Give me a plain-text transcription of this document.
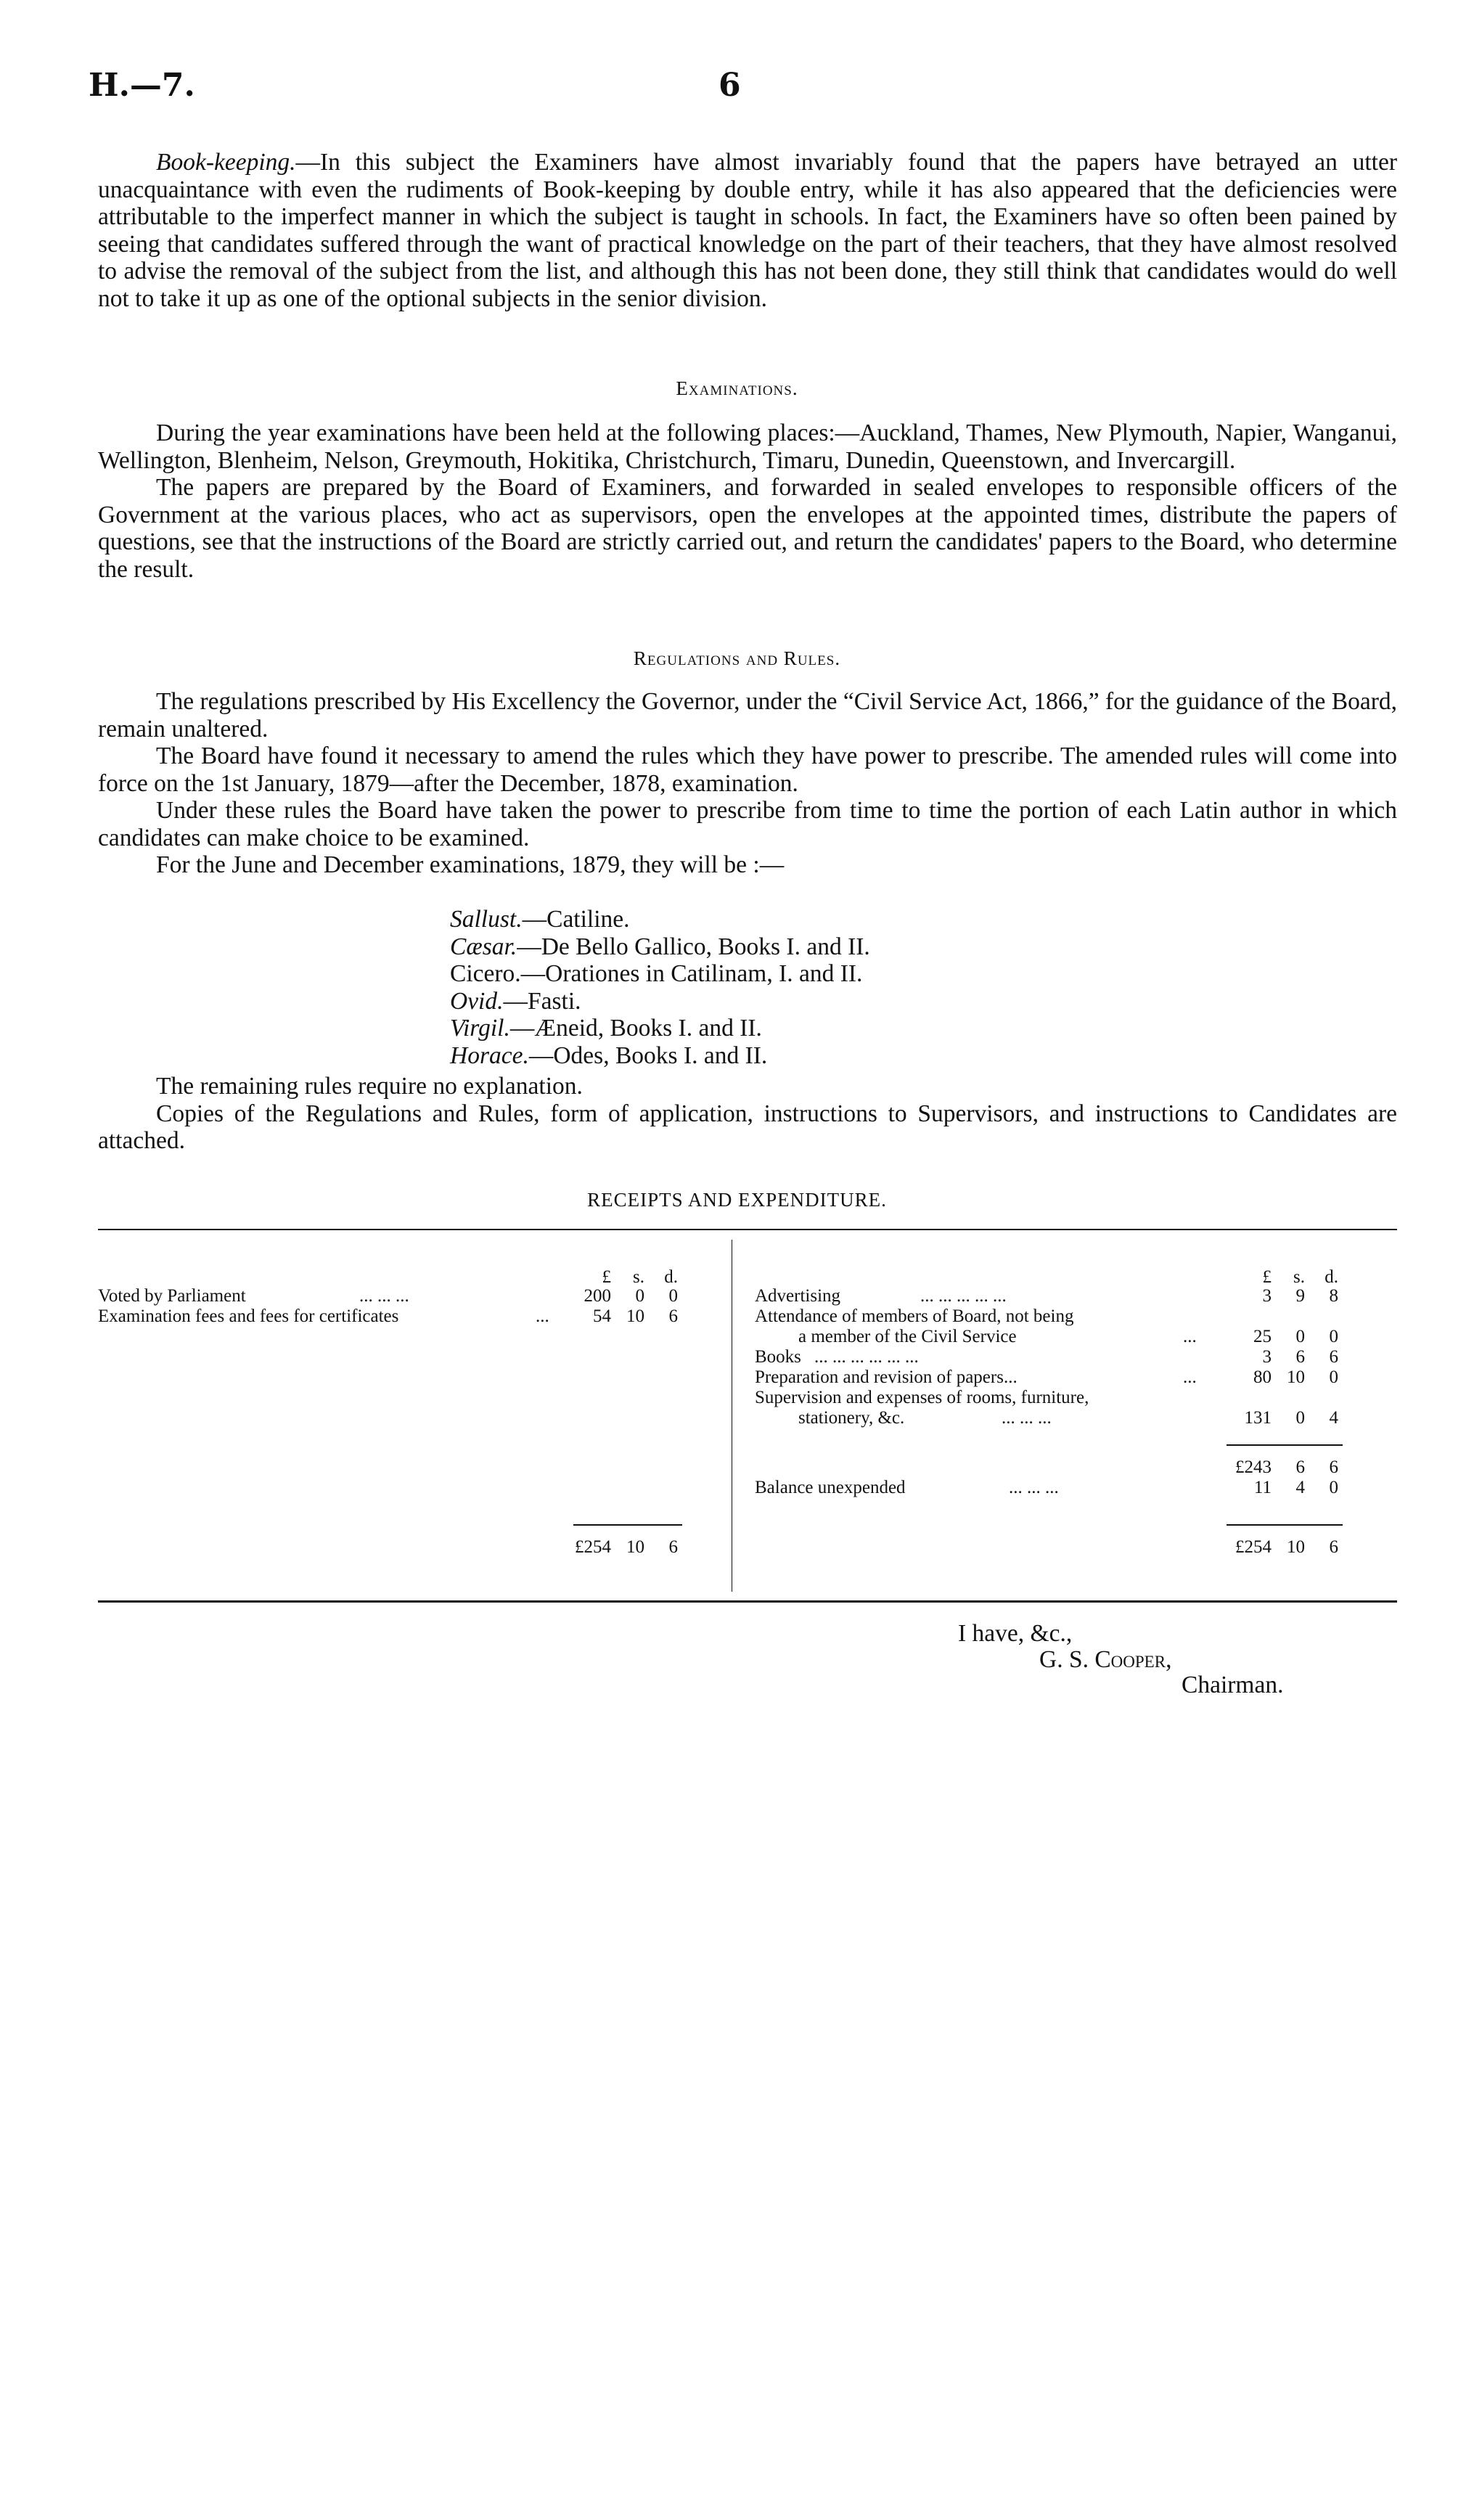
H.—7.	6

Book-keeping.—In this subject the Examiners have almost invariably found that the papers have betrayed an utter unacquaintance with even the rudiments of Book-keeping by double entry, while it has also appeared that the deficiencies were attributable to the imperfect manner in which the subject is taught in schools. In fact, the Examiners have so often been pained by seeing that candidates suffered through the want of practical knowledge on the part of their teachers, that they have almost resolved to advise the removal of the subject from the list, and although this has not been done, they still think that candidates would do well not to take it up as one of the optional subjects in the senior division.

Examinations.

During the year examinations have been held at the following places:—Auckland, Thames, New Plymouth, Napier, Wanganui, Wellington, Blenheim, Nelson, Greymouth, Hokitika, Christchurch, Timaru, Dunedin, Queenstown, and Invercargill.

The papers are prepared by the Board of Examiners, and forwarded in sealed envelopes to responsible officers of the Government at the various places, who act as supervisors, open the envelopes at the appointed times, distribute the papers of questions, see that the instructions of the Board are strictly carried out, and return the candidates' papers to the Board, who determine the result.

Regulations and Rules.

The regulations prescribed by His Excellency the Governor, under the “Civil Service Act, 1866,” for the guidance of the Board, remain unaltered.

The Board have found it necessary to amend the rules which they have power to prescribe. The amended rules will come into force on the 1st January, 1879—after the December, 1878, examination.

Under these rules the Board have taken the power to prescribe from time to time the portion of each Latin author in which candidates can make choice to be examined.

For the June and December examinations, 1879, they will be :—

Sallust.—Catiline.
Cæsar.—De Bello Gallico, Books I. and II.
Cicero.—Orationes in Catilinam, I. and II.
Ovid.—Fasti.
Virgil.—Æneid, Books I. and II.
Horace.—Odes, Books I. and II.

The remaining rules require no explanation.

Copies of the Regulations and Rules, form of application, instructions to Supervisors, and instructions to Candidates are attached.

RECEIPTS AND EXPENDITURE.
£	s.	d.
Voted by Parliament	... ... ...	200	0	0
Examination fees and fees for certificates	...	54 10	6
£254 10	6
£	s.	d.
Advertising	... ... ... ... ...	3	9	8
Attendance of members of Board, not being
a member of the Civil Service	...	25	0	0
Books ... ... ... ... ... ...	3	6	6
Preparation and revision of papers...	...	80 10	0
Supervision and expenses of rooms, furniture,
stationery, &c.	... ... ...	131	0	4
£243	6	6
Balance unexpended	... ... ...	11	4	0
£254 10	6
I have, &c.,
G. S. Cooper,
Chairman.
